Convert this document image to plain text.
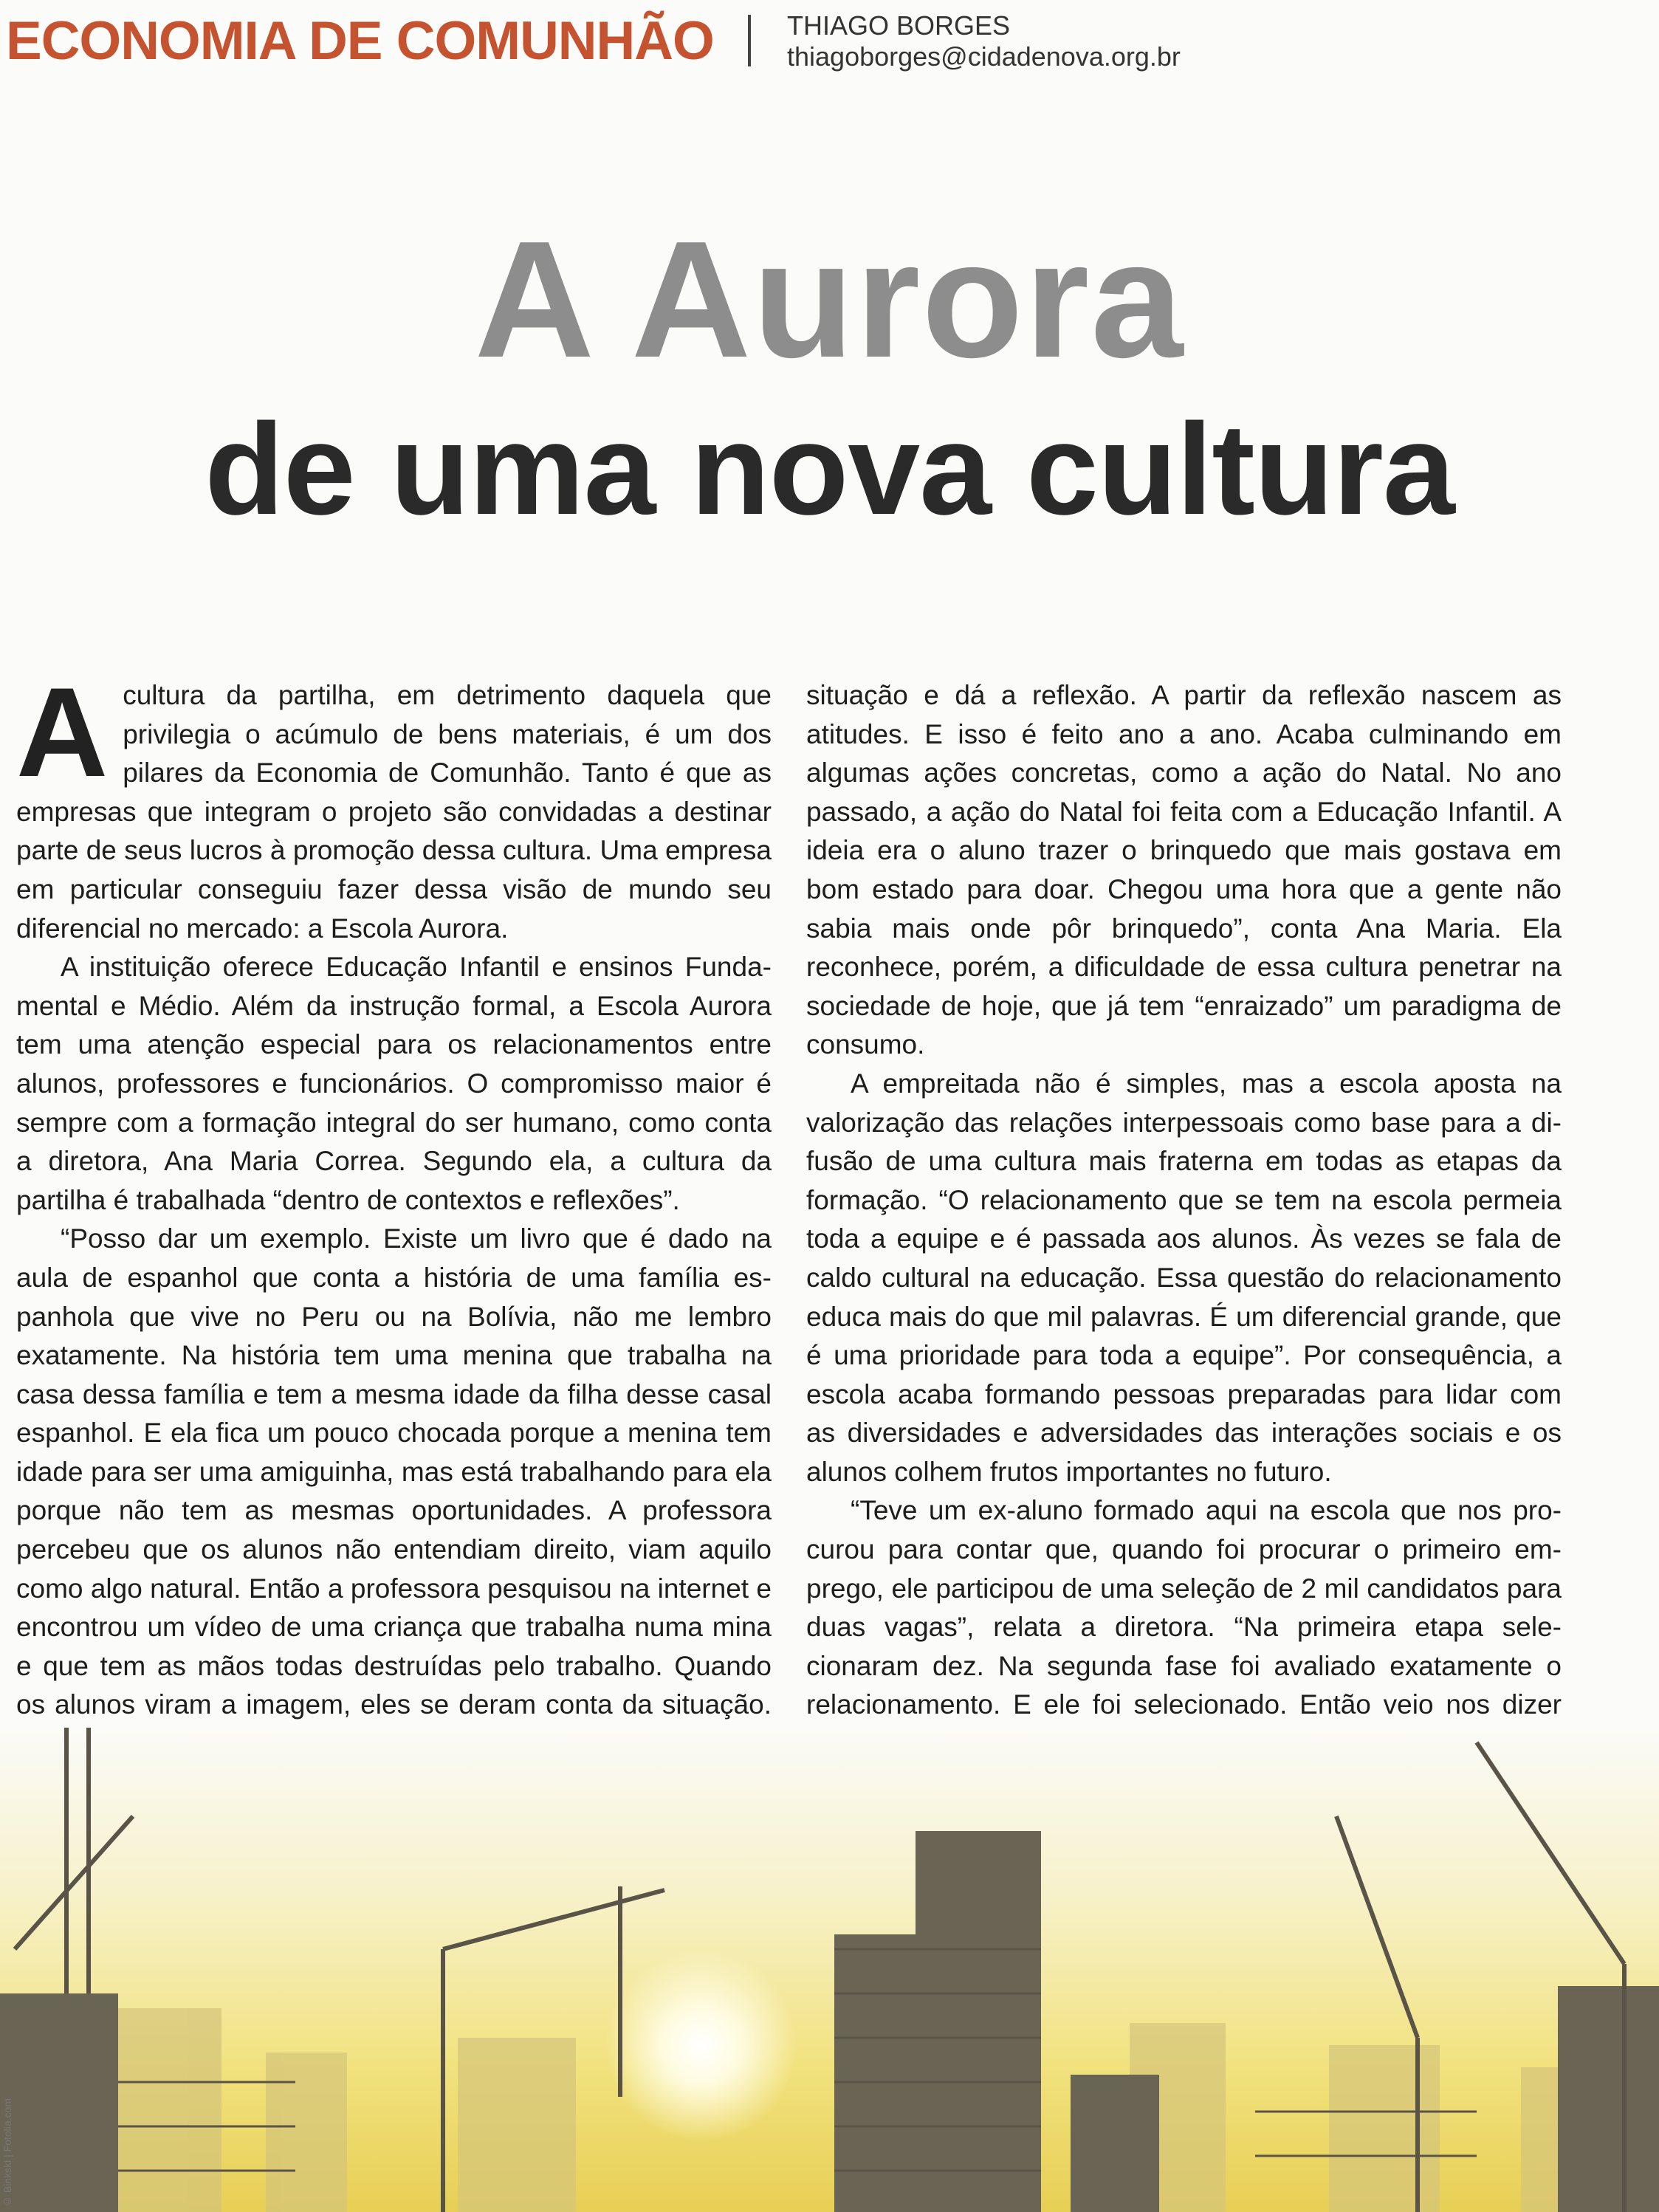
ECONOMIA DE COMUNHÃO	THIAGO BORGES
thiagoborges@cidadenova.org.br
A Aurora
de uma nova cultura

A cultura da partilha, em detrimento daquela que privilegia o acúmulo de bens materiais, é um dos pilares da Economia de Comunhão. Tanto é que as empresas que integram o projeto são convidadas a destinar parte de seus lucros à promoção dessa cultura. Uma empresa em particular conseguiu fazer dessa visão de mundo seu diferencial no mercado: a Escola Aurora.

A instituição oferece Educação Infantil e ensinos Fundamental e Médio. Além da instrução formal, a Escola Aurora tem uma atenção especial para os relacionamentos entre alunos, professores e funcionários. O compromisso maior é sempre com a formação integral do ser humano, como conta a diretora, Ana Maria Correa. Segundo ela, a cultura da partilha é trabalhada “dentro de contextos e reflexões”.

“Posso dar um exemplo. Existe um livro que é dado na aula de espanhol que conta a história de uma família espanhola que vive no Peru ou na Bolívia, não me lembro exatamente. Na história tem uma menina que trabalha na casa dessa família e tem a mesma idade da filha desse casal espanhol. E ela fica um pouco chocada porque a menina tem idade para ser uma amiguinha, mas está trabalhando para ela porque não tem as mesmas oportunidades. A professora percebeu que os alunos não entendiam direito, viam aquilo como algo natural. Então a professora pesquisou na internet e encontrou um vídeo de uma criança que trabalha numa mina e que tem as mãos todas destruídas pelo trabalho. Quando os alunos viram a imagem, eles se deram conta da situação.

situação e dá a reflexão. A partir da reflexão nascem as atitudes. E isso é feito ano a ano. Acaba culminando em algumas ações concretas, como a ação do Natal. No ano passado, a ação do Natal foi feita com a Educação Infantil. A ideia era o aluno trazer o brinquedo que mais gostava em bom estado para doar. Chegou uma hora que a gente não sabia mais onde pôr brinquedo”, conta Ana Maria. Ela reconhece, porém, a dificuldade de essa cultura penetrar na sociedade de hoje, que já tem “enraizado” um paradigma de consumo.

A empreitada não é simples, mas a escola aposta na valorização das relações interpessoais como base para a difusão de uma cultura mais fraterna em todas as etapas da formação. “O relacionamento que se tem na escola permeia toda a equipe e é passada aos alunos. Às vezes se fala de caldo cultural na educação. Essa questão do relacionamento educa mais do que mil palavras. É um diferencial grande, que é uma prioridade para toda a equipe”. Por consequência, a escola acaba formando pessoas preparadas para lidar com as diversidades e adversidades das interações sociais e os alunos colhem frutos importantes no futuro.

“Teve um ex-aluno formado aqui na escola que nos procurou para contar que, quando foi procurar o primeiro emprego, ele participou de uma seleção de 2 mil candidatos para duas vagas”, relata a diretora. “Na primeira etapa selecionaram dez. Na segunda fase foi avaliado exatamente o relacionamento. E ele foi selecionado. Então veio nos dizer

© Binkski | Fotolia.com
